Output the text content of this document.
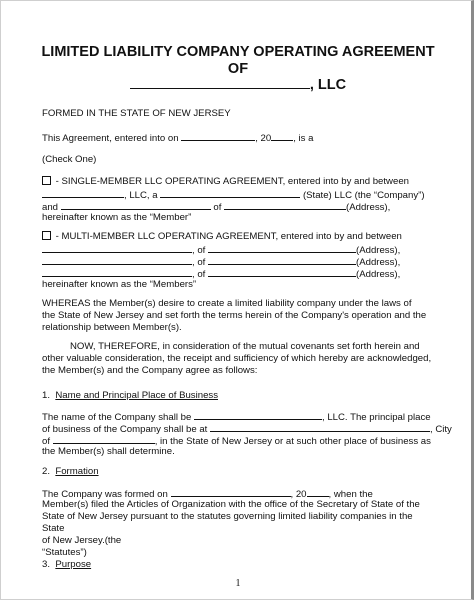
LIMITED LIABILITY COMPANY OPERATING AGREEMENT
OF
, LLC
FORMED IN THE STATE OF NEW JERSEY
This Agreement, entered into on	, 20 , is a
(Check One)
- SINGLE-MEMBER LLC OPERATING AGREEMENT, entered into by and between
, LLC, a	(State) LLC (the “Company”)
and	of	(Address),
hereinafter known as the “Member”
- MULTI-MEMBER LLC OPERATING AGREEMENT, entered into by and between
, of	(Address),
, of	(Address),
, of	(Address),
hereinafter known as the “Members”
WHEREAS the Member(s) desire to create a limited liability company under the laws of
the State of New Jersey and set forth the terms herein of the Company's operation and the
relationship between Member(s).
NOW, THEREFORE, in consideration of the mutual covenants set forth herein and
other valuable consideration, the receipt and sufficiency of which hereby are acknowledged,
the Member(s) and the Company agree as follows:
1. Name and Principal Place of Business
The name of the Company shall be	, LLC. The principal place
of business of the Company shall be at	, City
of	, in the State of New Jersey or at such other place of business as
the Member(s) shall determine.
2. Formation
The Company was formed on	, 20 , when the
Member(s) filed the Articles of Organization with the office of the Secretary of State of the
State of New Jersey pursuant to the statutes governing limited liability companies in the
State
of New Jersey.(the
“Statutes”)
3. Purpose
1
